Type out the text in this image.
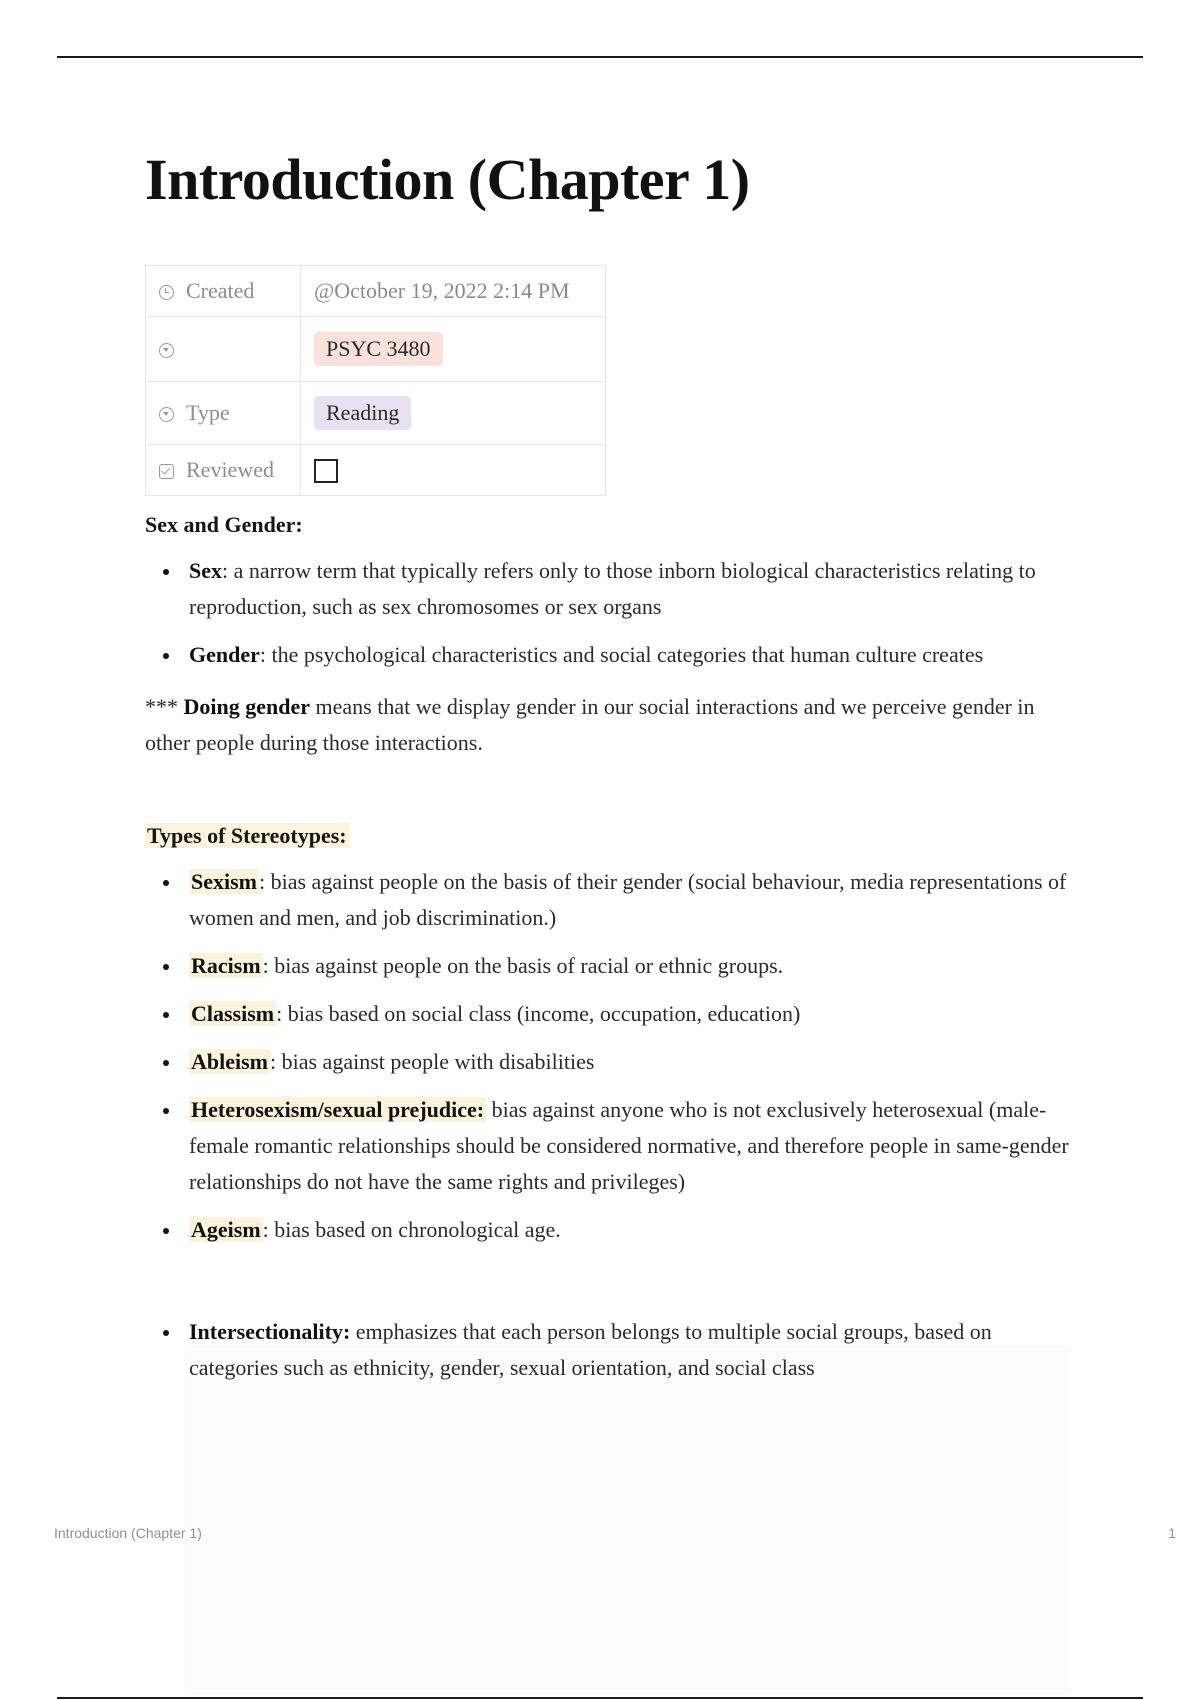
Introduction (Chapter 1)
Created	@October 19, 2022 2:14 PM
	PSYC 3480
Type	Reading
Reviewed	

Sex and Gender:

Sex: a narrow term that typically refers only to those inborn biological characteristics relating to reproduction, such as sex chromosomes or sex organs
Gender: the psychological characteristics and social categories that human culture creates

*** Doing gender means that we display gender in our social interactions and we perceive gender in other people during those interactions.

Types of Stereotypes:

Sexism: bias against people on the basis of their gender (social behaviour, media representations of women and men, and job discrimination.)
Racism: bias against people on the basis of racial or ethnic groups.
Classism: bias based on social class (income, occupation, education)
Ableism: bias against people with disabilities
Heterosexism/sexual prejudice: bias against anyone who is not exclusively heterosexual (male-female romantic relationships should be considered normative, and therefore people in same-gender relationships do not have the same rights and privileges)
Ageism: bias based on chronological age.
Intersectionality: emphasizes that each person belongs to multiple social groups, based on categories such as ethnicity, gender, sexual orientation, and social class
Introduction (Chapter 1)	1
